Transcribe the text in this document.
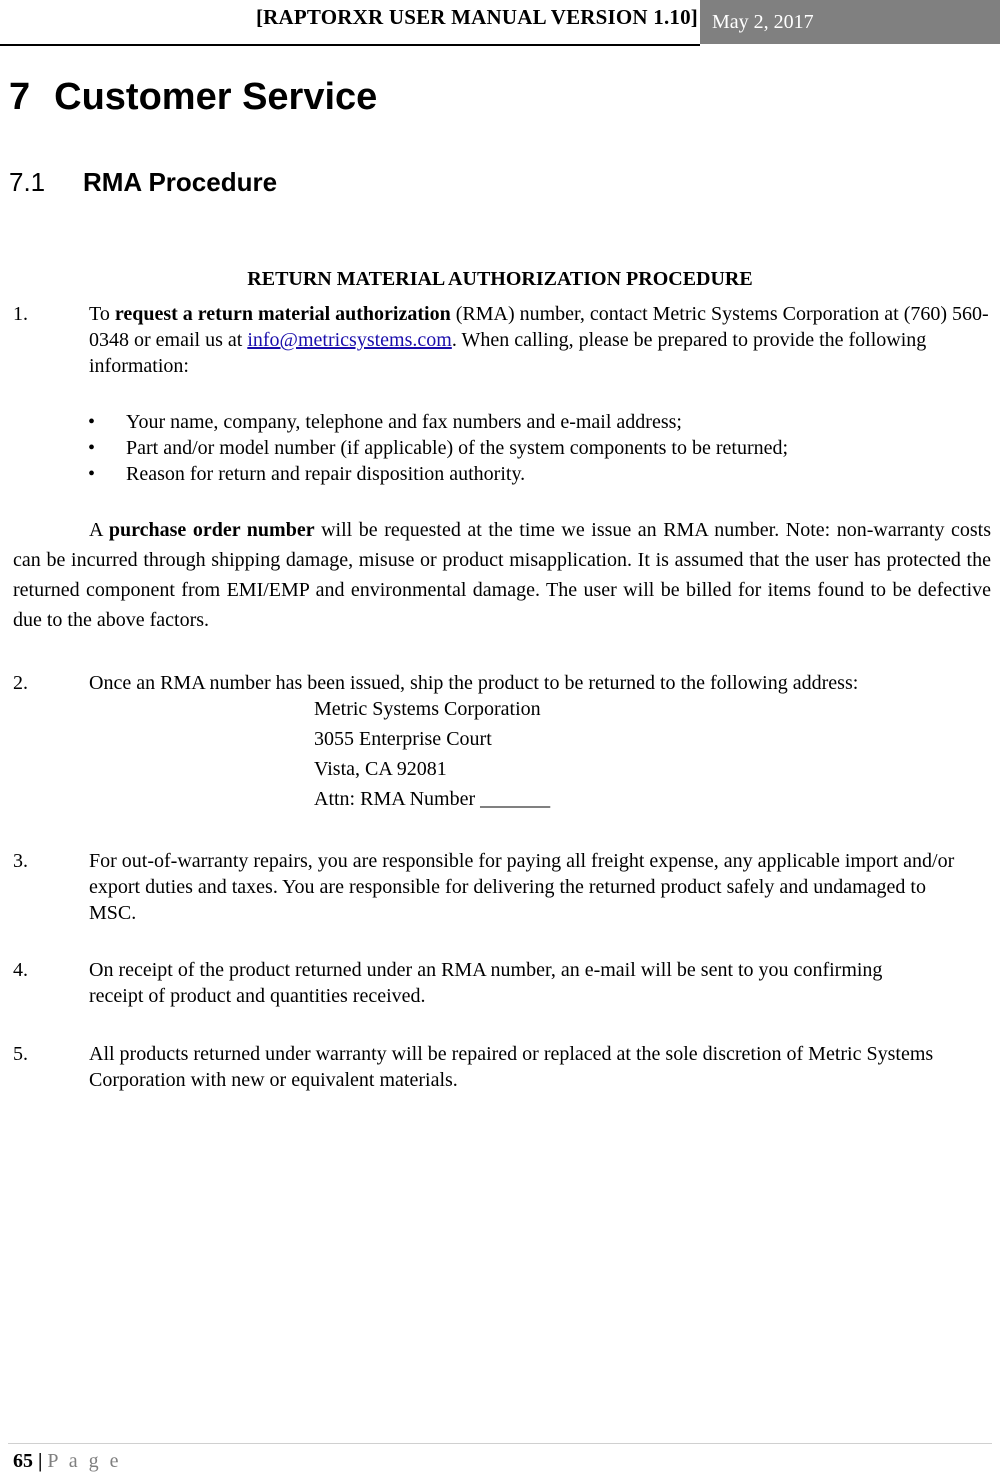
[RAPTORXR USER MANUAL VERSION 1.10] May 2, 2017
7 Customer Service
7.1 RMA Procedure
RETURN MATERIAL AUTHORIZATION PROCEDURE
1.	To request a return material authorization (RMA) number, contact Metric Systems Corporation at (760) 560-0348 or email us at info@metricsystems.com. When calling, please be prepared to provide the following information:
• Your name, company, telephone and fax numbers and e-mail address;
• Part and/or model number (if applicable) of the system components to be returned;
• Reason for return and repair disposition authority.
A purchase order number will be requested at the time we issue an RMA number. Note: non-warranty costs can be incurred through shipping damage, misuse or product misapplication. It is assumed that the user has protected the returned component from EMI/EMP and environmental damage. The user will be billed for items found to be defective due to the above factors.
2.	Once an RMA number has been issued, ship the product to be returned to the following address:
Metric Systems Corporation
3055 Enterprise Court
Vista, CA 92081
Attn: RMA Number _______
3.	For out-of-warranty repairs, you are responsible for paying all freight expense, any applicable import and/or export duties and taxes. You are responsible for delivering the returned product safely and undamaged to MSC.
4.	On receipt of the product returned under an RMA number, an e-mail will be sent to you confirming receipt of product and quantities received.
5.	All products returned under warranty will be repaired or replaced at the sole discretion of Metric Systems Corporation with new or equivalent materials.
65 | P a g e
